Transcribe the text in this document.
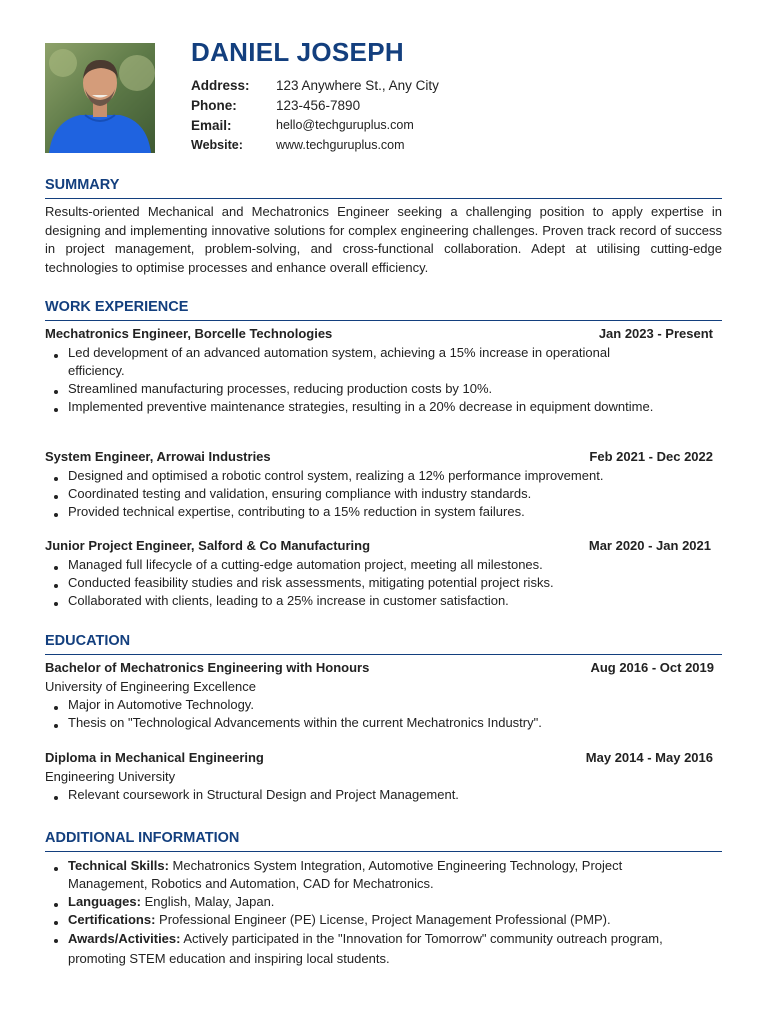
DANIEL JOSEPH
Address: 123 Anywhere St., Any City
Phone:	123-456-7890
Email:	hello@techguruplus.com
Website:	www.techguruplus.com
SUMMARY

Results-oriented Mechanical and Mechatronics Engineer seeking a challenging position to apply expertise in designing and implementing innovative solutions for complex engineering challenges. Proven track record of success in project management, problem-solving, and cross-functional collaboration. Adept at utilising cutting-edge technologies to optimise processes and enhance overall efficiency.

WORK EXPERIENCE
Mechatronics Engineer, Borcelle Technologies	Jan 2023 - Present
Led development of an advanced automation system, achieving a 15% increase in operational efficiency.
Streamlined manufacturing processes, reducing production costs by 10%.
Implemented preventive maintenance strategies, resulting in a 20% decrease in equipment downtime.
System Engineer, Arrowai Industries	Feb 2021 - Dec 2022
Designed and optimised a robotic control system, realizing a 12% performance improvement.
Coordinated testing and validation, ensuring compliance with industry standards.
Provided technical expertise, contributing to a 15% reduction in system failures.
Junior Project Engineer, Salford & Co Manufacturing	Mar 2020 - Jan 2021
Managed full lifecycle of a cutting-edge automation project, meeting all milestones.
Conducted feasibility studies and risk assessments, mitigating potential project risks.
Collaborated with clients, leading to a 25% increase in customer satisfaction.
EDUCATION
Bachelor of Mechatronics Engineering with Honours	Aug 2016 - Oct 2019
University of Engineering Excellence
Major in Automotive Technology.
Thesis on "Technological Advancements within the current Mechatronics Industry".
Diploma in Mechanical Engineering	May 2014 - May 2016
Engineering University
Relevant coursework in Structural Design and Project Management.
ADDITIONAL INFORMATION
Technical Skills: Mechatronics System Integration, Automotive Engineering Technology, Project Management, Robotics and Automation, CAD for Mechatronics.
Languages: English, Malay, Japan.
Certifications: Professional Engineer (PE) License, Project Management Professional (PMP).
Awards/Activities: Actively participated in the "Innovation for Tomorrow" community outreach program, promoting STEM education and inspiring local students.
